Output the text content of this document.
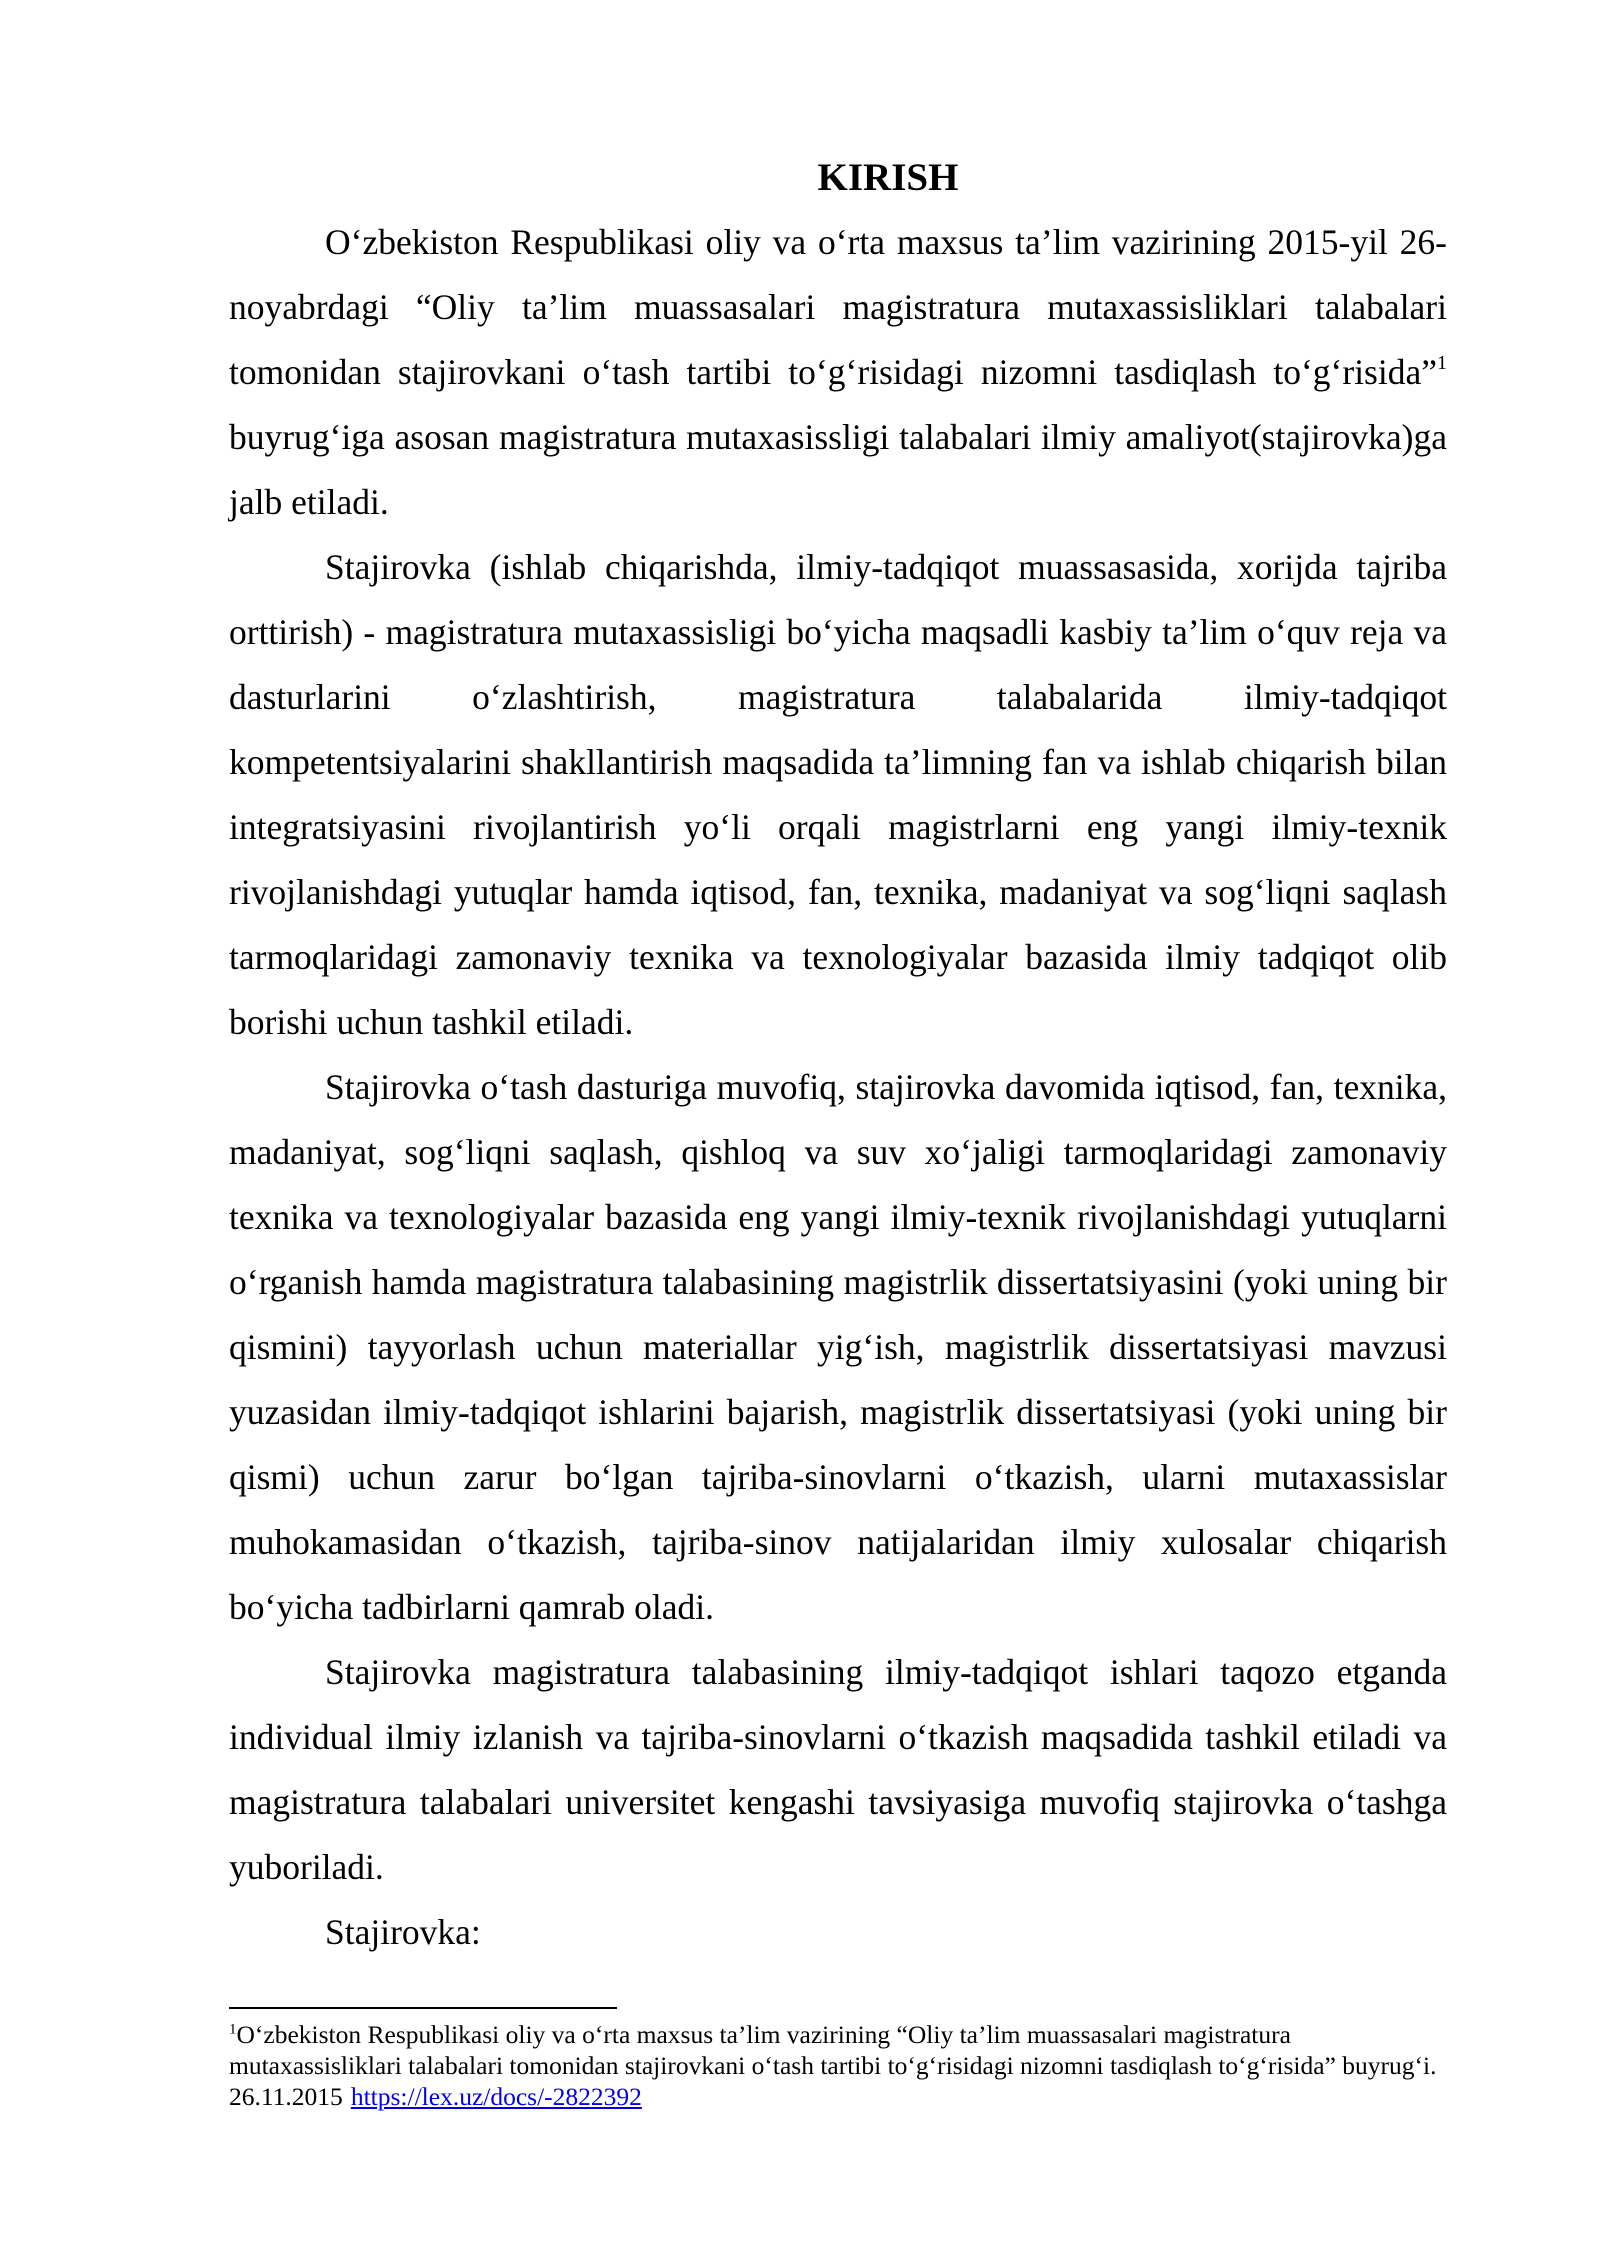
KIRISH

O‘zbekiston Respublikasi oliy va o‘rta maxsus ta’lim vazirining 2015-yil 26-noyabrdagi “Oliy ta’lim muassasalari magistratura mutaxassisliklari talabalari tomonidan stajirovkani o‘tash tartibi to‘g‘risidagi nizomni tasdiqlash to‘g‘risida”$^1$ buyrug‘iga asosan magistratura mutaxasissligi talabalari ilmiy amaliyot(stajirovka)ga jalb etiladi.

Stajirovka (ishlab chiqarishda, ilmiy-tadqiqot muassasasida, xorijda tajriba orttirish) - magistratura mutaxassisligi bo‘yicha maqsadli kasbiy ta’lim o‘quv reja va dasturlarini o‘zlashtirish, magistratura talabalarida ilmiy-tadqiqot kompetentsiyalarini shakllantirish maqsadida ta’limning fan va ishlab chiqarish bilan integratsiyasini rivojlantirish yo‘li orqali magistrlarni eng yangi ilmiy-texnik rivojlanishdagi yutuqlar hamda iqtisod, fan, texnika, madaniyat va sog‘liqni saqlash tarmoqlaridagi zamonaviy texnika va texnologiyalar bazasida ilmiy tadqiqot olib borishi uchun tashkil etiladi.

Stajirovka o‘tash dasturiga muvofiq, stajirovka davomida iqtisod, fan, texnika, madaniyat, sog‘liqni saqlash, qishloq va suv xo‘jaligi tarmoqlaridagi zamonaviy texnika va texnologiyalar bazasida eng yangi ilmiy-texnik rivojlanishdagi yutuqlarni o‘rganish hamda magistratura talabasining magistrlik dissertatsiyasini (yoki uning bir qismini) tayyorlash uchun materiallar yig‘ish, magistrlik dissertatsiyasi mavzusi yuzasidan ilmiy-tadqiqot ishlarini bajarish, magistrlik dissertatsiyasi (yoki uning bir qismi) uchun zarur bo‘lgan tajriba-sinovlarni o‘tkazish, ularni mutaxassislar muhokamasidan o‘tkazish, tajriba-sinov natijalaridan ilmiy xulosalar chiqarish bo‘yicha tadbirlarni qamrab oladi.

Stajirovka magistratura talabasining ilmiy-tadqiqot ishlari taqozo etganda individual ilmiy izlanish va tajriba-sinovlarni o‘tkazish maqsadida tashkil etiladi va magistratura talabalari universitet kengashi tavsiyasiga muvofiq stajirovka o‘tashga yuboriladi.

Stajirovka:

$^1$O‘zbekiston Respublikasi oliy va o‘rta maxsus ta’lim vazirining “Oliy ta’lim muassasalari magistratura mutaxassisliklari talabalari tomonidan stajirovkani o‘tash tartibi to‘g‘risidagi nizomni tasdiqlash to‘g‘risida” buyrug‘i. 26.11.2015 https://lex.uz/docs/-2822392
